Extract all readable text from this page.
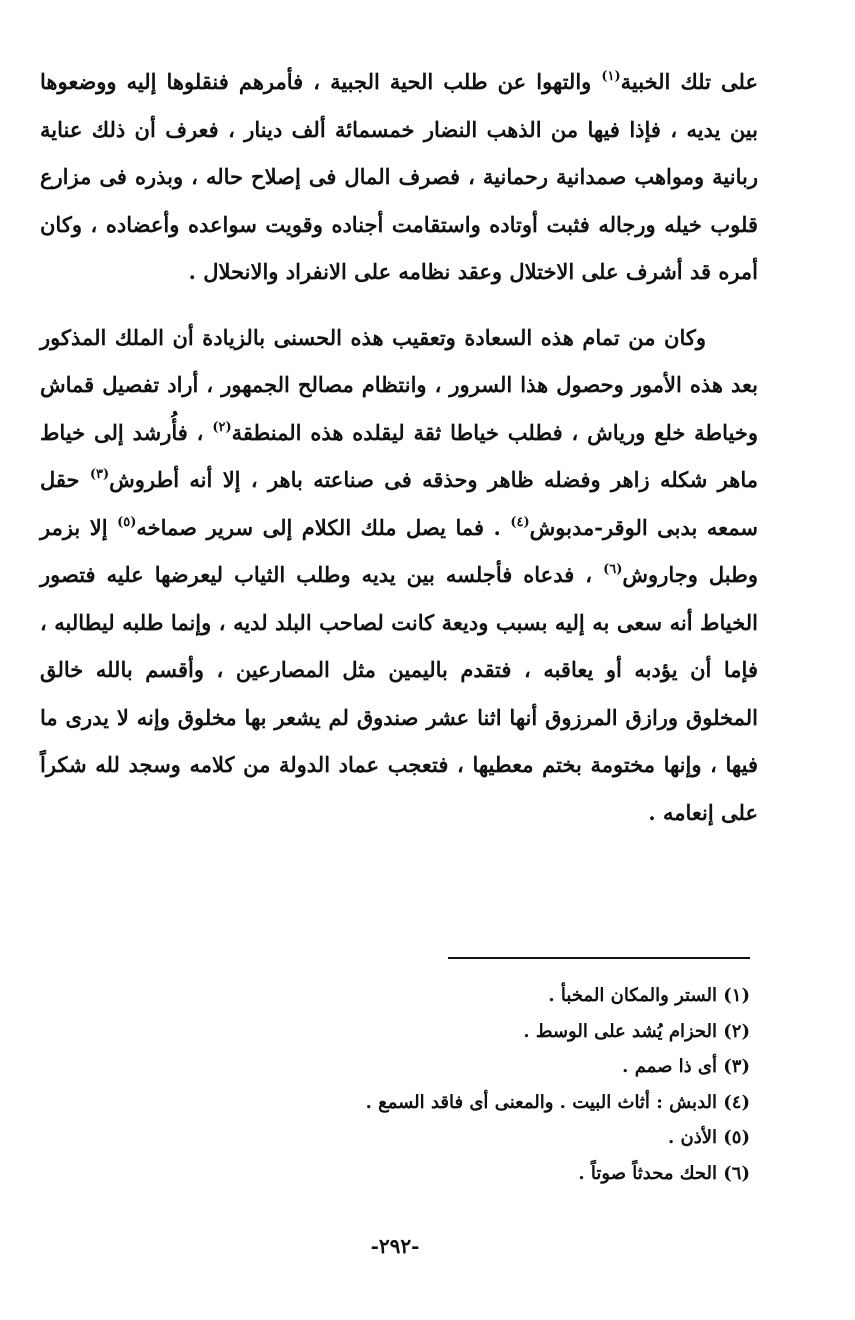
على تلك الخبية$^{(١)}$ والتهوا عن طلب الحية الجبية ، فأمرهم فنقلوها إليه ووضعوها بين يديه ، فإذا فيها من الذهب النضار خمسمائة ألف دينار ، فعرف أن ذلك عناية ربانية ومواهب صمدانية رحمانية ، فصرف المال فى إصلاح حاله ، وبذره فى مزارع قلوب خيله ورجاله فثبت أوتاده واستقامت أجناده وقويت سواعده وأعضاده ، وكان أمره قد أشرف على الاختلال وعقد نظامه على الانفراد والانحلال .

وكان من تمام هذه السعادة وتعقيب هذه الحسنى بالزيادة أن الملك المذكور بعد هذه الأمور وحصول هذا السرور ، وانتظام مصالح الجمهور ، أراد تفصيل قماش وخياطة خلع ورياش ، فطلب خياطا ثقة ليقلده هذه المنطقة$^{(٢)}$ ، فأُرشد إلى خياط ماهر شكله زاهر وفضله ظاهر وحذقه فى صناعته باهر ، إلا أنه أطروش$^{(٣)}$ حقل سمعه بدبى الوقر-مدبوش$^{(٤)}$ . فما يصل ملك الكلام إلى سرير صماخه$^{(٥)}$ إلا بزمر وطبل وجاروش$^{(٦)}$ ، فدعاه فأجلسه بين يديه وطلب الثياب ليعرضها عليه فتصور الخياط أنه سعى به إليه بسبب وديعة كانت لصاحب البلد لديه ، وإنما طلبه ليطالبه ، فإما أن يؤدبه أو يعاقبه ، فتقدم باليمين مثل المصارعين ، وأقسم بالله خالق المخلوق ورازق المرزوق أنها اثنا عشر صندوق لم يشعر بها مخلوق وإنه لا يدرى ما فيها ، وإنها مختومة بختم معطيها ، فتعجب عماد الدولة من كلامه وسجد لله شكراً على إنعامه .

(١) الستر والمكان المخبأ .
(٢) الحزام يُشد على الوسط .
(٣) أى ذا صمم .
(٤) الدبش : أثاث البيت . والمعنى أى فاقد السمع .
(٥) الأذن .
(٦) الحك محدثاً صوتاً .
-٢٩٢-
